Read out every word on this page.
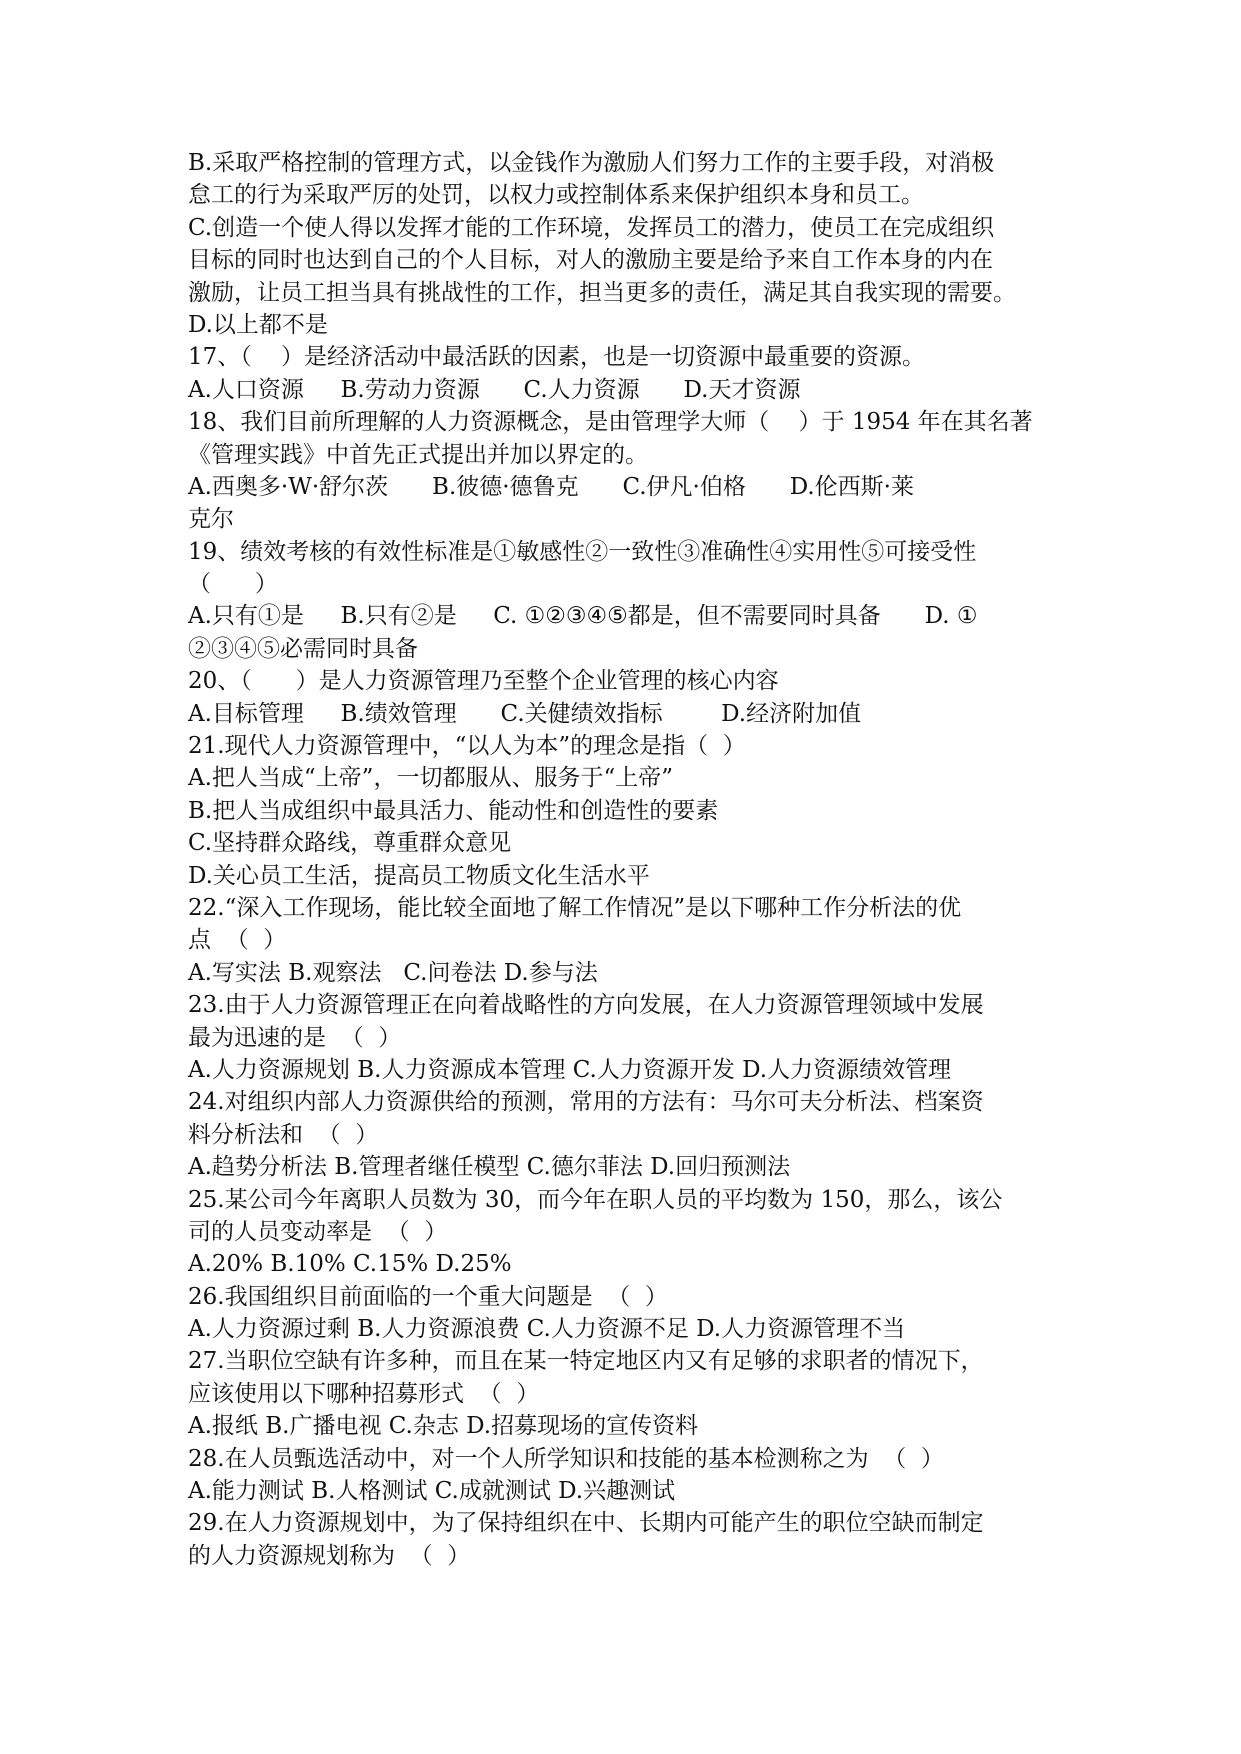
B.采取严格控制的管理方式，以金钱作为激励人们努力工作的主要手段，对消极
怠工的行为采取严厉的处罚，以权力或控制体系来保护组织本身和员工。
C.创造一个使人得以发挥才能的工作环境，发挥员工的潜力，使员工在完成组织
目标的同时也达到自己的个人目标，对人的激励主要是给予来自工作本身的内在
激励，让员工担当具有挑战性的工作，担当更多的责任，满足其自我实现的需要。
D.以上都不是
17、（    ）是经济活动中最活跃的因素，也是一切资源中最重要的资源。
A.人口资源     B.劳动力资源      C.人力资源      D.天才资源
18、我们目前所理解的人力资源概念，是由管理学大师（    ）于 1954 年在其名著
《管理实践》中首先正式提出并加以界定的。
A.西奥多·W·舒尔茨      B.彼德·德鲁克      C.伊凡·伯格      D.伦西斯·莱
克尔
19、绩效考核的有效性标准是①敏感性②一致性③准确性④实用性⑤可接受性
（      ）
A.只有①是     B.只有②是     C. ①②③④⑤都是，但不需要同时具备      D. ①
②③④⑤必需同时具备
20、（      ）是人力资源管理乃至整个企业管理的核心内容
A.目标管理     B.绩效管理      C.关健绩效指标        D.经济附加值
21.现代人力资源管理中，“以人为本”的理念是指（  ）
A.把人当成“上帝”，一切都服从、服务于“上帝”
B.把人当成组织中最具活力、能动性和创造性的要素
C.坚持群众路线，尊重群众意见
D.关心员工生活，提高员工物质文化生活水平
22.“深入工作现场，能比较全面地了解工作情况”是以下哪种工作分析法的优
点  （  ）
A.写实法 B.观察法   C.问卷法 D.参与法
23.由于人力资源管理正在向着战略性的方向发展，在人力资源管理领域中发展
最为迅速的是  （  ）
A.人力资源规划 B.人力资源成本管理 C.人力资源开发 D.人力资源绩效管理
24.对组织内部人力资源供给的预测，常用的方法有：马尔可夫分析法、档案资
料分析法和  （  ）
A.趋势分析法 B.管理者继任模型 C.德尔菲法 D.回归预测法
25.某公司今年离职人员数为 30，而今年在职人员的平均数为 150，那么，该公
司的人员变动率是  （  ）
A.20% B.10% C.15% D.25%
26.我国组织目前面临的一个重大问题是  （  ）
A.人力资源过剩 B.人力资源浪费 C.人力资源不足 D.人力资源管理不当
27.当职位空缺有许多种，而且在某一特定地区内又有足够的求职者的情况下，
应该使用以下哪种招募形式  （  ）
A.报纸 B.广播电视 C.杂志 D.招募现场的宣传资料
28.在人员甄选活动中，对一个人所学知识和技能的基本检测称之为  （  ）
A.能力测试 B.人格测试 C.成就测试 D.兴趣测试
29.在人力资源规划中，为了保持组织在中、长期内可能产生的职位空缺而制定
的人力资源规划称为  （  ）
